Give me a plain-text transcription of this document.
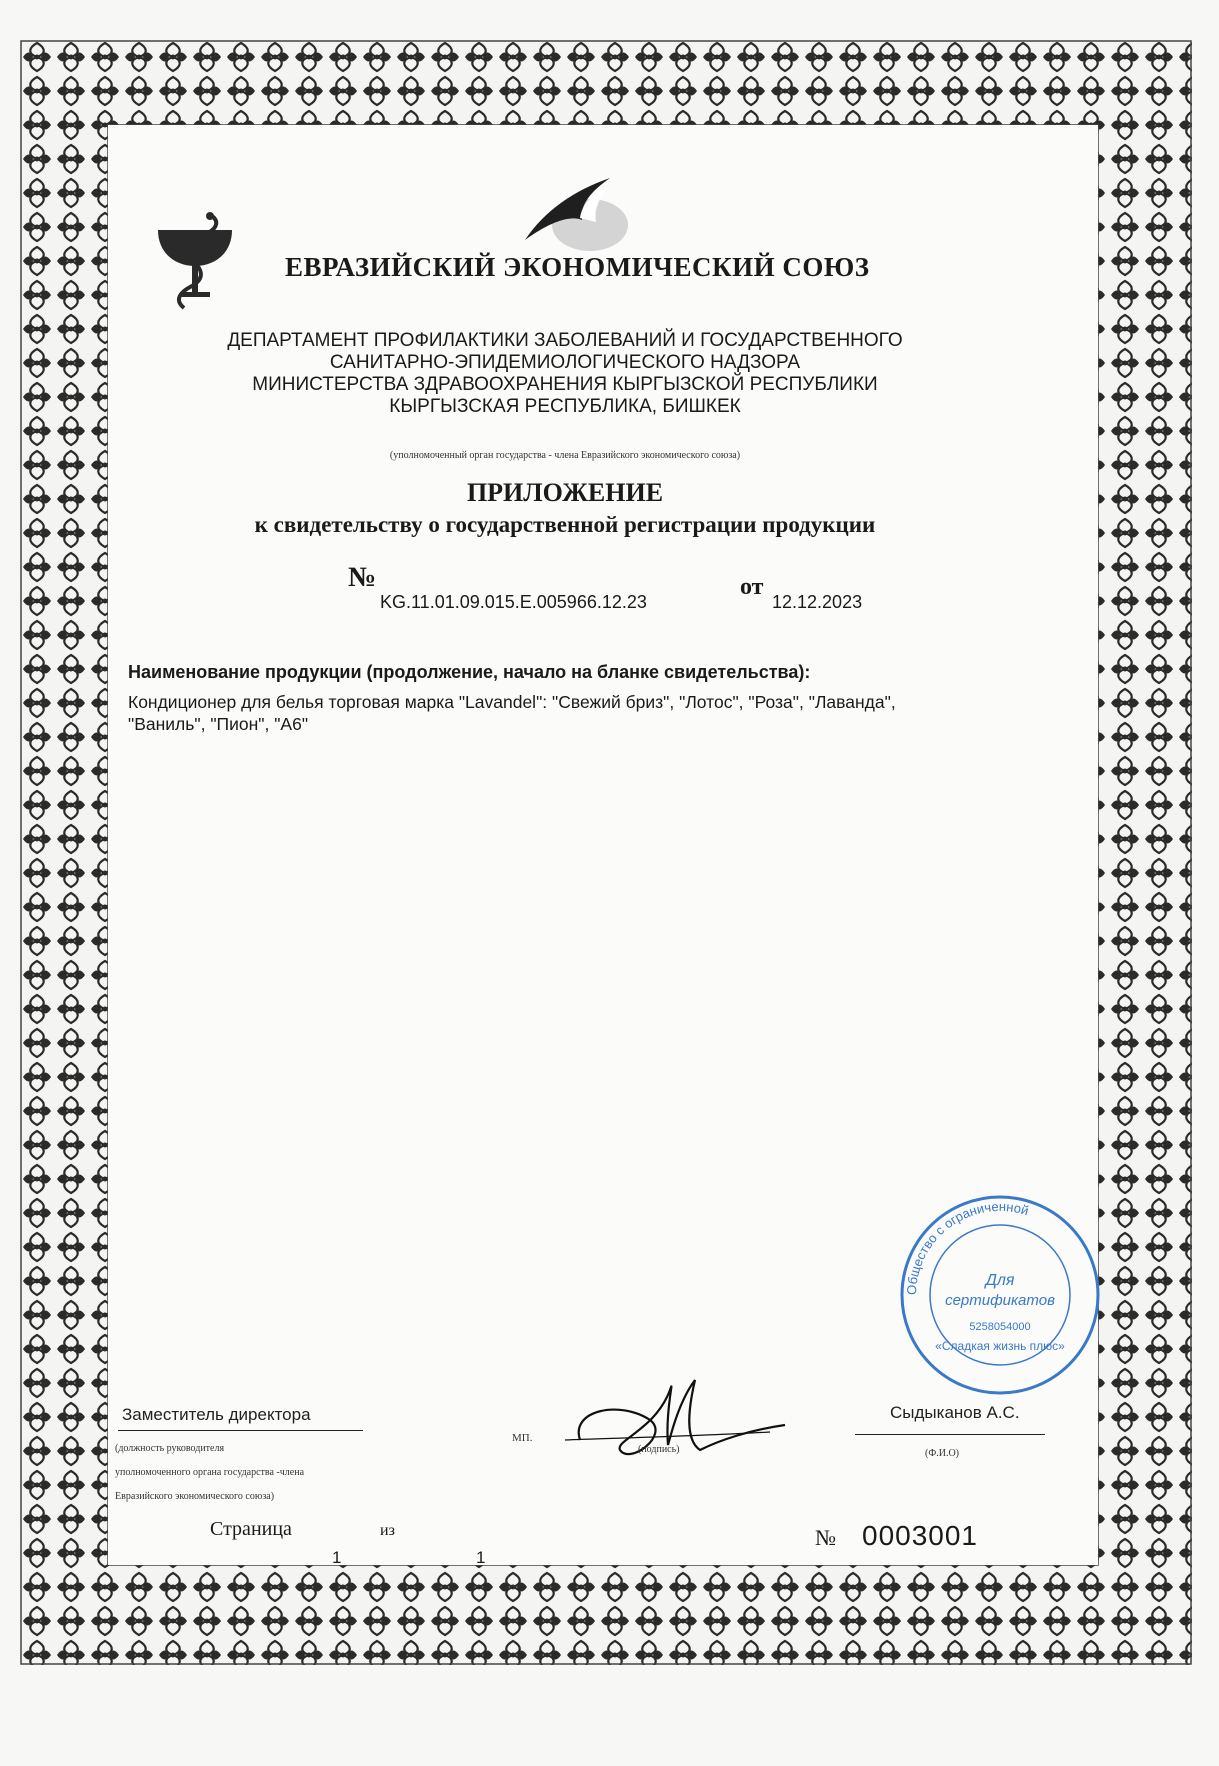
ЕВРАЗИЙСКИЙ ЭКОНОМИЧЕСКИЙ СОЮЗ
ДЕПАРТАМЕНТ ПРОФИЛАКТИКИ ЗАБОЛЕВАНИЙ И ГОСУДАРСТВЕННОГО
САНИТАРНО-ЭПИДЕМИОЛОГИЧЕСКОГО НАДЗОРА
МИНИСТЕРСТВА ЗДРАВООХРАНЕНИЯ КЫРГЫЗСКОЙ РЕСПУБЛИКИ
КЫРГЫЗСКАЯ РЕСПУБЛИКА, БИШКЕК
(уполномоченный орган государства - члена Евразийского экономического союза)
ПРИЛОЖЕНИЕ
к свидетельству о государственной регистрации продукции
№
KG.11.01.09.015.E.005966.12.23
от
12.12.2023
Наименование продукции (продолжение, начало на бланке свидетельства):
Кондиционер для белья торговая марка "Lavandel": "Свежий бриз", "Лотос", "Роза", "Лаванда",
"Ваниль", "Пион", "А6"
Заместитель директора
(должность руководителя
уполномоченного органа государства -члена
Евразийского экономического союза)
МП.
(подпись)
Сыдыканов А.С.
(Ф.И.О)
Страница
1
из
1
№ 0003001
Общество с ограниченной
«Сладкая жизнь плюс»
5258054000
Для
сертификатов
